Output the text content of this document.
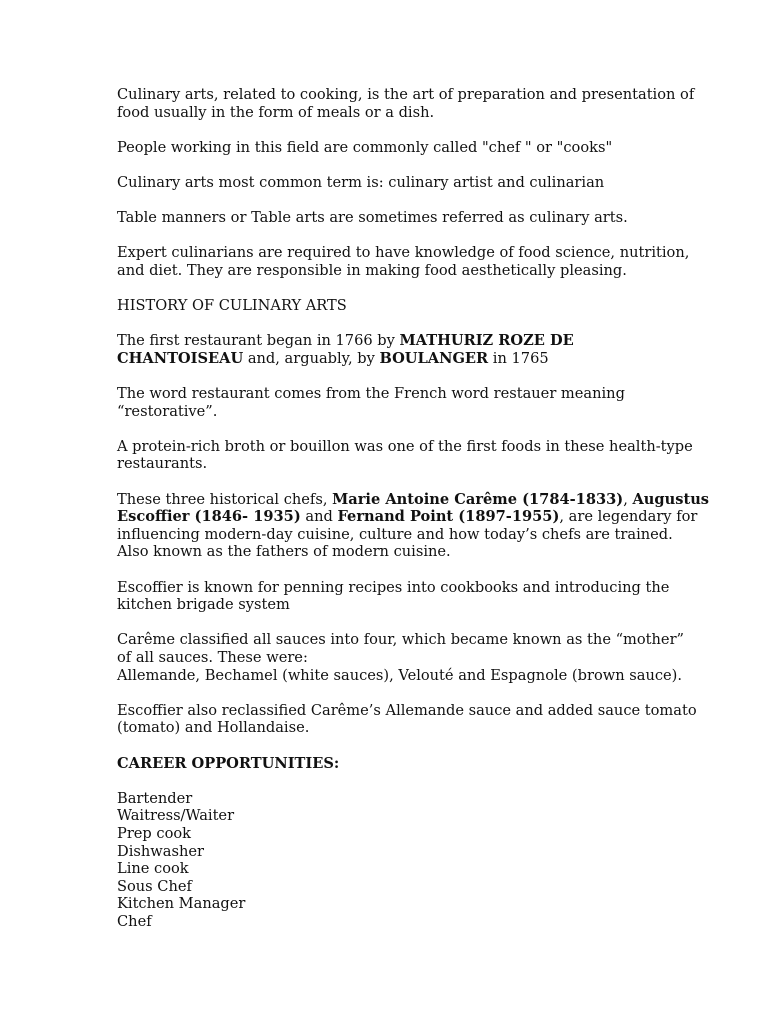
Culinary arts, related to cooking, is the art of preparation and presentation of
food usually in the form of meals or a dish.

People working in this field are commonly called "chef " or "cooks"

Culinary arts most common term is: culinary artist and culinarian

Table manners or Table arts are sometimes referred as culinary arts.

Expert culinarians are required to have knowledge of food science, nutrition,
and diet. They are responsible in making food aesthetically pleasing.

HISTORY OF CULINARY ARTS

The first restaurant began in 1766 by MATHURIZ ROZE DE
CHANTOISEAU and, arguably, by BOULANGER in 1765

The word restaurant comes from the French word restauer meaning
“restorative”.

A protein-rich broth or bouillon was one of the first foods in these health-type
restaurants.

These three historical chefs, Marie Antoine Carême (1784-1833), Augustus
Escoffier (1846- 1935) and Fernand Point (1897-1955), are legendary for
influencing modern-day cuisine, culture and how today’s chefs are trained.
Also known as the fathers of modern cuisine.

Escoffier is known for penning recipes into cookbooks and introducing the
kitchen brigade system

Carême classified all sauces into four, which became known as the “mother”
of all sauces. These were:
Allemande, Bechamel (white sauces), Velouté and Espagnole (brown sauce).

Escoffier also reclassified Carême’s Allemande sauce and added sauce tomato
(tomato) and Hollandaise.

CAREER OPPORTUNITIES:

Bartender
Waitress/Waiter
Prep cook
Dishwasher
Line cook
Sous Chef
Kitchen Manager
Chef
